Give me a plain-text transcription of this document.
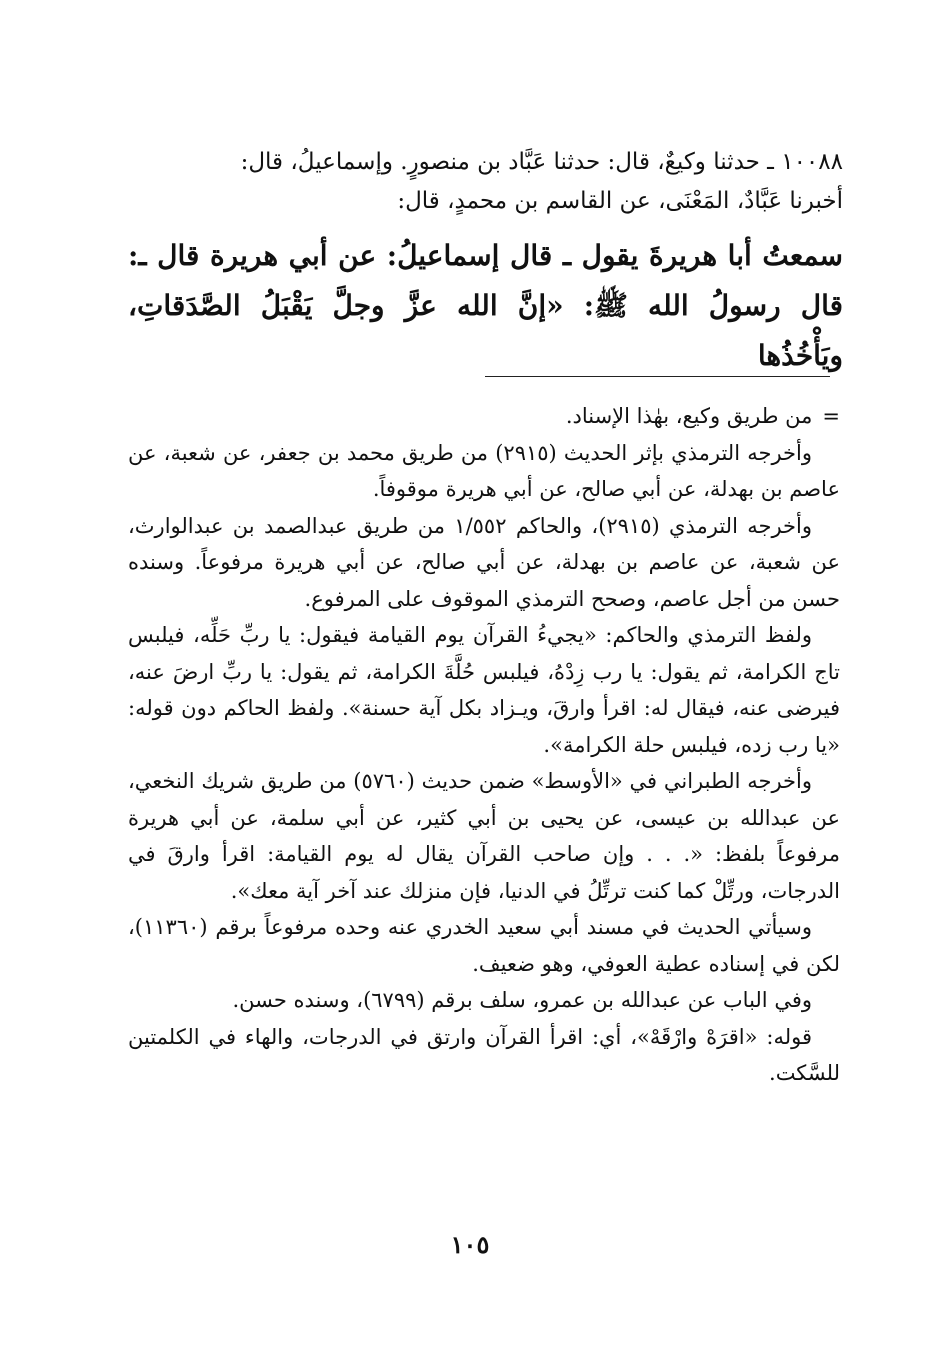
١٠٠٨٨ ـ حدثنا وكيعٌ، قال: حدثنا عَبَّاد بن منصورٍ. وإسماعيلُ، قال:
أخبرنا عَبَّادٌ، المَعْنَى، عن القاسم بن محمدٍ، قال:

سمعتُ أبا هريرةَ يقول ـ قال إسماعيلُ: عن أبي هريرة قال ـ: قال رسولُ الله ﷺ: «إنَّ الله عزَّ وجلَّ يَقْبَلُ الصَّدَقاتِ، ويَأْخُذُها

=من طريق وكيع، بهٰذا الإسناد.

وأخرجه الترمذي بإثر الحديث (٢٩١٥) من طريق محمد بن جعفر، عن شعبة، عن عاصم بن بهدلة، عن أبي صالح، عن أبي هريرة موقوفاً.

وأخرجه الترمذي (٢٩١٥)، والحاكم ١/٥٥٢ من طريق عبدالصمد بن عبدالوارث، عن شعبة، عن عاصم بن بهدلة، عن أبي صالح، عن أبي هريرة مرفوعاً. وسنده حسن من أجل عاصم، وصحح الترمذي الموقوف على المرفوع.

ولفظ الترمذي والحاكم: «يجيءُ القرآن يوم القيامة فيقول: يا ربِّ حَلِّه، فيلبس تاج الكرامة، ثم يقول: يا رب زِدْهُ، فيلبس حُلَّةَ الكرامة، ثم يقول: يا ربِّ ارضَ عنه، فيرضى عنه، فيقال له: اقرأ وارقَ، ويـزاد بكل آية حسنة». ولفظ الحاكم دون قوله: «يا رب زده، فيلبس حلة الكرامة».

وأخرجه الطبراني في «الأوسط» ضمن حديث (٥٧٦٠) من طريق شريك النخعي، عن عبدالله بن عيسى، عن يحيى بن أبي كثير، عن أبي سلمة، عن أبي هريرة مرفوعاً بلفظ: «. . . وإن صاحب القرآن يقال له يوم القيامة: اقرأ وارقَ في الدرجات، ورتِّلْ كما كنت ترتِّلُ في الدنيا، فإن منزلك عند آخر آية معك».

وسيأتي الحديث في مسند أبي سعيد الخدري عنه وحده مرفوعاً برقم (١١٣٦٠)، لكن في إسناده عطية العوفي، وهو ضعيف.

وفي الباب عن عبدالله بن عمرو، سلف برقم (٦٧٩٩)، وسنده حسن.

قوله: «اقرَهْ وارْقَهْ»، أي: اقرأ القرآن وارتق في الدرجات، والهاء في الكلمتين للسَّكت.

١٠٥
